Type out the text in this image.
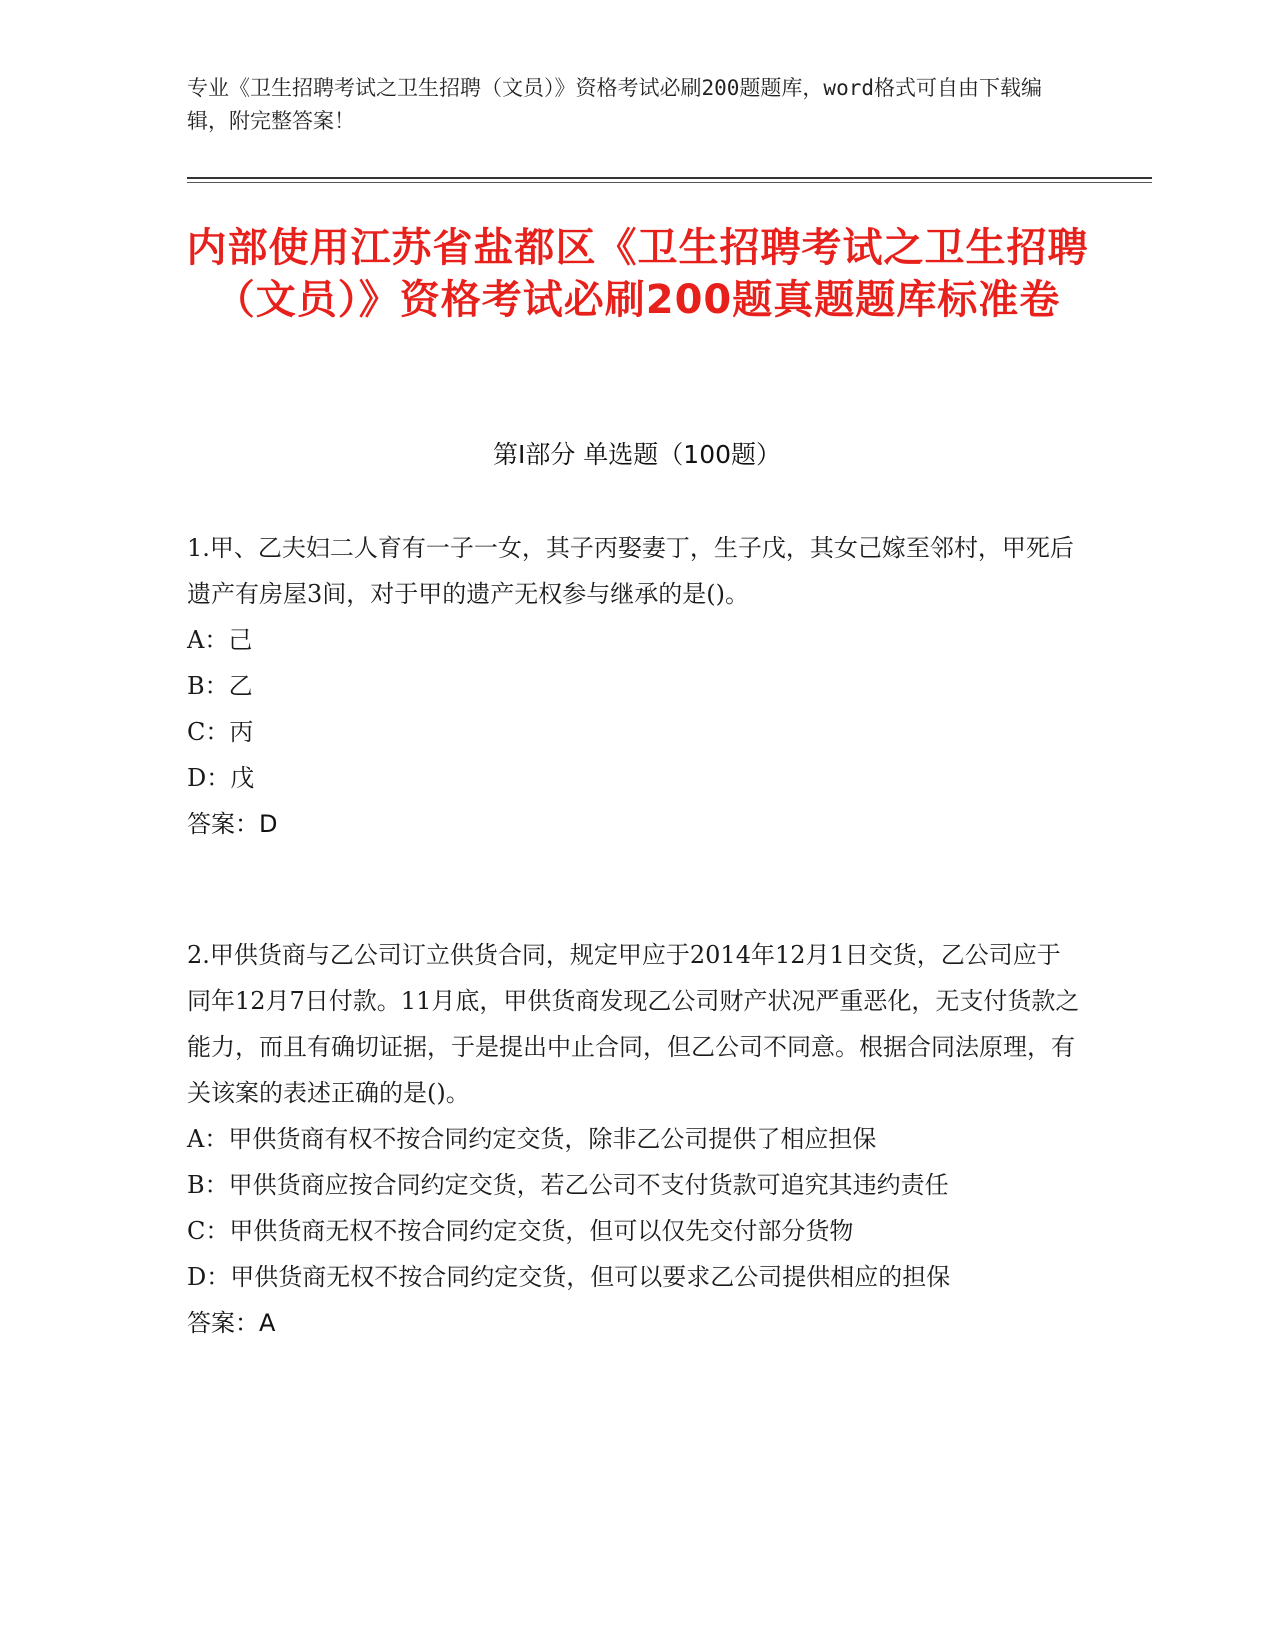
专业《卫生招聘考试之卫生招聘（文员）》资格考试必刷200题题库，word格式可自由下载编辑，附完整答案！
内部使用江苏省盐都区《卫生招聘考试之卫生招聘（文员）》资格考试必刷200题真题题库标准卷
第I部分 单选题（100题）

1.甲、乙夫妇二人育有一子一女，其子丙娶妻丁，生子戊，其女己嫁至邻村，甲死后遗产有房屋3间，对于甲的遗产无权参与继承的是()。

A：己

B：乙

C：丙

D：戊

答案：D

2.甲供货商与乙公司订立供货合同，规定甲应于2014年12月1日交货，乙公司应于同年12月7日付款。11月底，甲供货商发现乙公司财产状况严重恶化，无支付货款之能力，而且有确切证据，于是提出中止合同，但乙公司不同意。根据合同法原理，有关该案的表述正确的是()。

A：甲供货商有权不按合同约定交货，除非乙公司提供了相应担保

B：甲供货商应按合同约定交货，若乙公司不支付货款可追究其违约责任

C：甲供货商无权不按合同约定交货，但可以仅先交付部分货物

D：甲供货商无权不按合同约定交货，但可以要求乙公司提供相应的担保

答案：A
